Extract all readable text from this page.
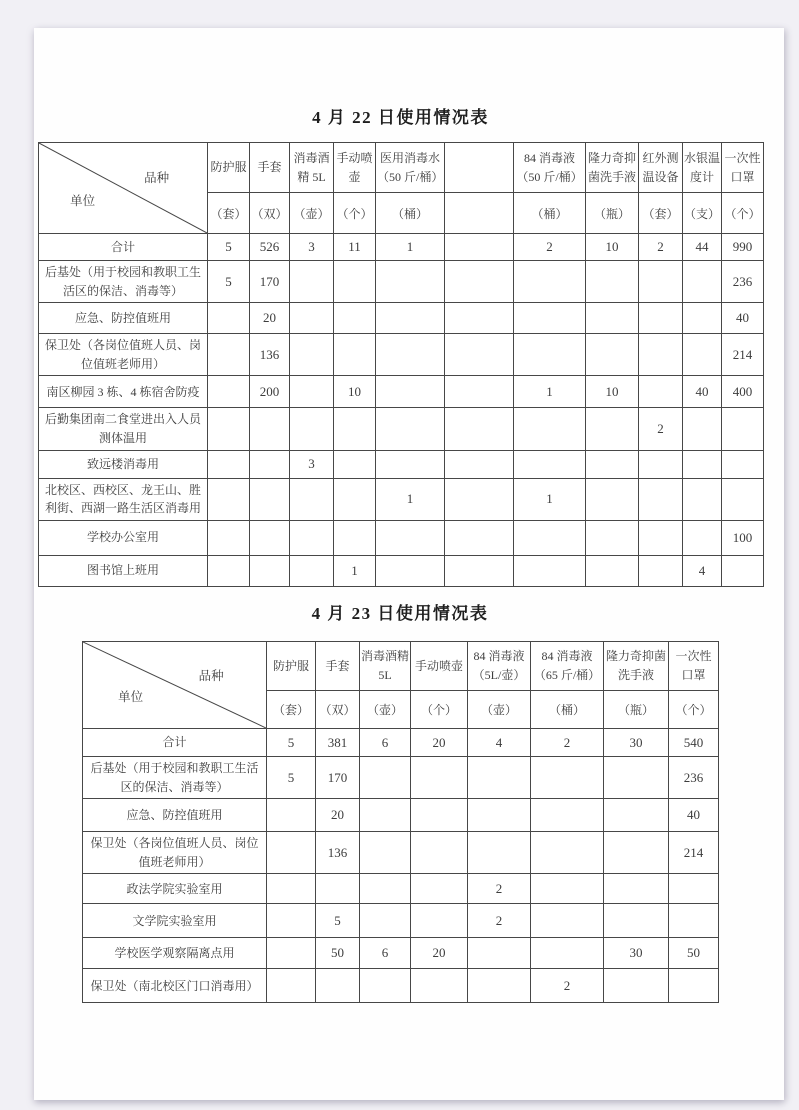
4 月 22 日使用情况表
品种
单位	防护服	手套	消毒酒精 5L	手动喷壶	医用消毒水（50 斤/桶）		84 消毒液（50 斤/桶）	隆力奇抑菌洗手液	红外测温设备	水银温度计	一次性口罩
	（套）	（双）	（壶）	（个）	（桶）		（桶）	（瓶）	（套）	（支）	（个）
合计	5	526	3	11	1		2	10	2	44	990
后基处（用于校园和教职工生活区的保洁、消毒等）	5	170									236
应急、防控值班用		20									40
保卫处（各岗位值班人员、岗位值班老师用）		136									214
南区柳园 3 栋、4 栋宿舍防疫		200		10			1	10		40	400
后勤集团南二食堂进出入人员测体温用									2		
致远楼消毒用			3								
北校区、西校区、龙王山、胜利街、西湖一路生活区消毒用					1		1				
学校办公室用											100
图书馆上班用				1						4	
4 月 23 日使用情况表
品种
单位	防护服	手套	消毒酒精 5L	手动喷壶	84 消毒液（5L/壶）	84 消毒液（65 斤/桶）	隆力奇抑菌洗手液	一次性口罩
	（套）	（双）	（壶）	（个）	（壶）	（桶）	（瓶）	（个）
合计	5	381	6	20	4	2	30	540
后基处（用于校园和教职工生活区的保洁、消毒等）	5	170						236
应急、防控值班用		20						40
保卫处（各岗位值班人员、岗位值班老师用）		136						214
政法学院实验室用					2			
文学院实验室用		5			2			
学校医学观察隔离点用		50	6	20			30	50
保卫处（南北校区门口消毒用）						2		
